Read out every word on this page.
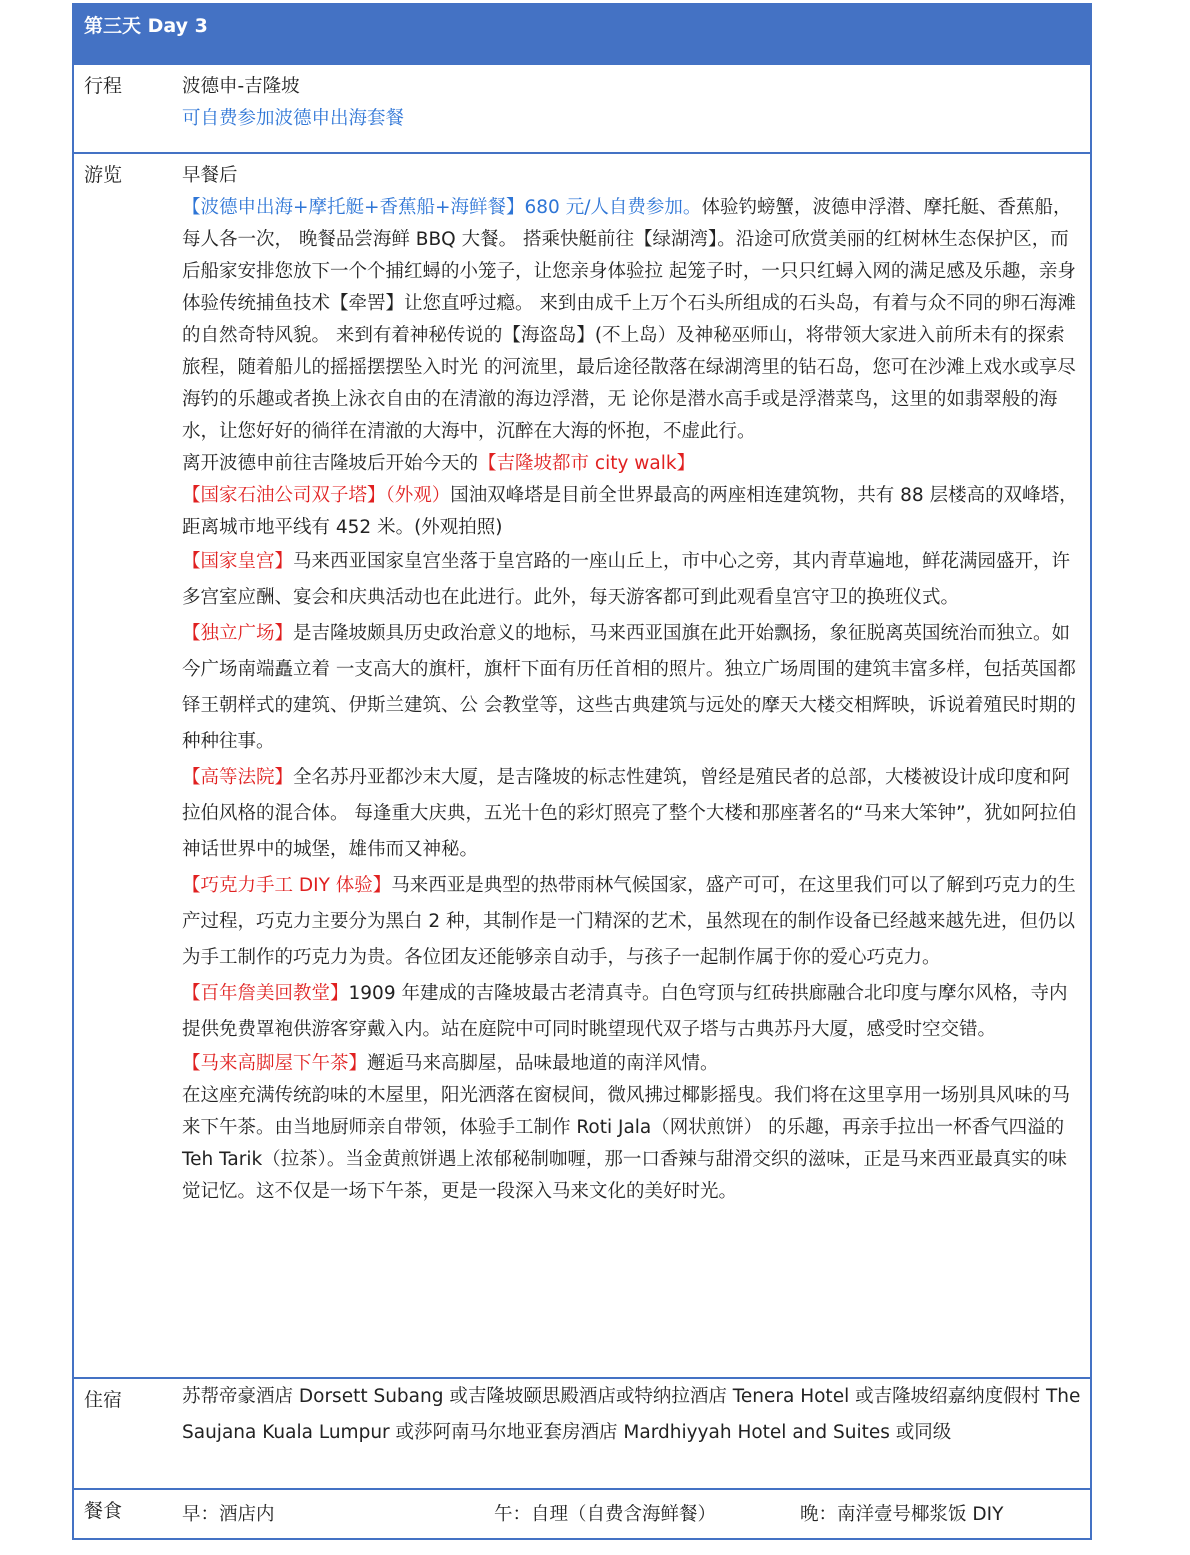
第三天 Day 3
行程	波德申-吉隆坡

可自费参加波德申出海套餐

游览	早餐后

【波德申出海+摩托艇+香蕉船+海鲜餐】680 元/人自费参加。体验钓螃蟹，波德申浮潜、摩托艇、香蕉船，每人各一次， 晚餐品尝海鲜 BBQ 大餐。 搭乘快艇前往【绿湖湾】。沿途可欣赏美丽的红树林生态保护区，而后船家安排您放下一个个捕红蟳的小笼子，让您亲身体验拉 起笼子时，一只只红蟳入网的满足感及乐趣，亲身体验传统捕鱼技术【牵罟】让您直呼过瘾。 来到由成千上万个石头所组成的石头岛，有着与众不同的卵石海滩的自然奇特风貌。 来到有着神秘传说的【海盗岛】(不上岛）及神秘巫师山，将带领大家进入前所未有的探索旅程，随着船儿的摇摇摆摆坠入时光 的河流里，最后途径散落在绿湖湾里的钻石岛，您可在沙滩上戏水或享尽海钓的乐趣或者换上泳衣自由的在清澈的海边浮潜，无 论你是潜水高手或是浮潜菜鸟，这里的如翡翠般的海水，让您好好的徜徉在清澈的大海中，沉醉在大海的怀抱，不虚此行。

离开波德申前往吉隆坡后开始今天的【吉隆坡都市 city walk】

【国家石油公司双子塔】（外观）国油双峰塔是目前全世界最高的两座相连建筑物，共有 88 层楼高的双峰塔，距离城市地平线有 452 米。(外观拍照)

【国家皇宫】马来西亚国家皇宫坐落于皇宫路的一座山丘上，市中心之旁，其内青草遍地，鲜花满园盛开，许多宫室应酬、宴会和庆典活动也在此进行。此外，每天游客都可到此观看皇宫守卫的换班仪式。

【独立广场】是吉隆坡颇具历史政治意义的地标，马来西亚国旗在此开始飘扬，象征脱离英国统治而独立。如今广场南端矗立着 一支高大的旗杆，旗杆下面有历任首相的照片。独立广场周围的建筑丰富多样，包括英国都铎王朝样式的建筑、伊斯兰建筑、公 会教堂等，这些古典建筑与远处的摩天大楼交相辉映，诉说着殖民时期的种种往事。

【高等法院】全名苏丹亚都沙末大厦，是吉隆坡的标志性建筑，曾经是殖民者的总部，大楼被设计成印度和阿拉伯风格的混合体。 每逢重大庆典，五光十色的彩灯照亮了整个大楼和那座著名的“马来大笨钟”，犹如阿拉伯神话世界中的城堡，雄伟而又神秘。

【巧克力手工 DIY 体验】马来西亚是典型的热带雨林气候国家，盛产可可，在这里我们可以了解到巧克力的生产过程，巧克力主要分为黑白 2 种，其制作是一门精深的艺术，虽然现在的制作设备已经越来越先进，但仍以为手工制作的巧克力为贵。各位团友还能够亲自动手，与孩子一起制作属于你的爱心巧克力。

【百年詹美回教堂】1909 年建成的吉隆坡最古老清真寺。白色穹顶与红砖拱廊融合北印度与摩尔风格，寺内提供免费罩袍供游客穿戴入内。站在庭院中可同时眺望现代双子塔与古典苏丹大厦，感受时空交错。

【马来高脚屋下午茶】邂逅马来高脚屋，品味最地道的南洋风情。

在这座充满传统韵味的木屋里，阳光洒落在窗棂间，微风拂过椰影摇曳。我们将在这里享用一场别具风味的马来下午茶。由当地厨师亲自带领，体验手工制作 Roti Jala（网状煎饼） 的乐趣，再亲手拉出一杯香气四溢的 Teh Tarik（拉茶）。当金黄煎饼遇上浓郁秘制咖喱，那一口香辣与甜滑交织的滋味，正是马来西亚最真实的味觉记忆。这不仅是一场下午茶，更是一段深入马来文化的美好时光。

住宿	苏帮帝豪酒店 Dorsett Subang 或吉隆坡颐思殿酒店或特纳拉酒店 Tenera Hotel 或吉隆坡绍嘉纳度假村 The Saujana Kuala Lumpur 或莎阿南马尔地亚套房酒店 Mardhiyyah Hotel and Suites 或同级

餐食	早：酒店内	午：自理（自费含海鲜餐）	晚：南洋壹号椰浆饭 DIY
